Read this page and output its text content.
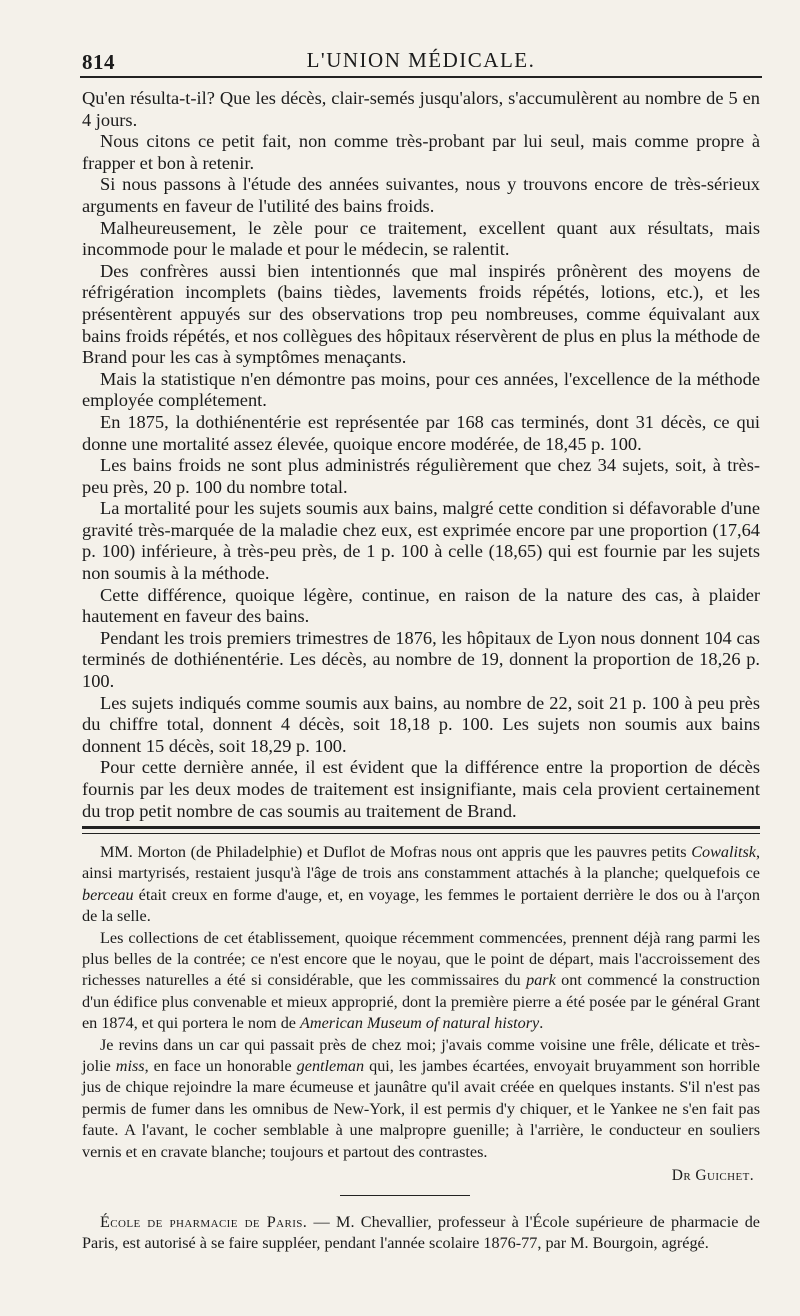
814	L'UNION MÉDICALE.

Qu'en résulta-t-il? Que les décès, clair-semés jusqu'alors, s'accumulèrent au nombre de 5 en 4 jours.

Nous citons ce petit fait, non comme très-probant par lui seul, mais comme propre à frapper et bon à retenir.

Si nous passons à l'étude des années suivantes, nous y trouvons encore de très-sérieux arguments en faveur de l'utilité des bains froids.

Malheureusement, le zèle pour ce traitement, excellent quant aux résultats, mais incommode pour le malade et pour le médecin, se ralentit.

Des confrères aussi bien intentionnés que mal inspirés prônèrent des moyens de réfrigération incomplets (bains tièdes, lavements froids répétés, lotions, etc.), et les présentèrent appuyés sur des observations trop peu nombreuses, comme équivalant aux bains froids répétés, et nos collègues des hôpitaux réservèrent de plus en plus la méthode de Brand pour les cas à symptômes menaçants.

Mais la statistique n'en démontre pas moins, pour ces années, l'excellence de la méthode employée complétement.

En 1875, la dothiénentérie est représentée par 168 cas terminés, dont 31 décès, ce qui donne une mortalité assez élevée, quoique encore modérée, de 18,45 p. 100.

Les bains froids ne sont plus administrés régulièrement que chez 34 sujets, soit, à très-peu près, 20 p. 100 du nombre total.

La mortalité pour les sujets soumis aux bains, malgré cette condition si défavorable d'une gravité très-marquée de la maladie chez eux, est exprimée encore par une proportion (17,64 p. 100) inférieure, à très-peu près, de 1 p. 100 à celle (18,65) qui est fournie par les sujets non soumis à la méthode.

Cette différence, quoique légère, continue, en raison de la nature des cas, à plaider hautement en faveur des bains.

Pendant les trois premiers trimestres de 1876, les hôpitaux de Lyon nous donnent 104 cas terminés de dothiénentérie. Les décès, au nombre de 19, donnent la proportion de 18,26 p. 100.

Les sujets indiqués comme soumis aux bains, au nombre de 22, soit 21 p. 100 à peu près du chiffre total, donnent 4 décès, soit 18,18 p. 100. Les sujets non soumis aux bains donnent 15 décès, soit 18,29 p. 100.

Pour cette dernière année, il est évident que la différence entre la proportion de décès fournis par les deux modes de traitement est insignifiante, mais cela provient certainement du trop petit nombre de cas soumis au traitement de Brand.

MM. Morton (de Philadelphie) et Duflot de Mofras nous ont appris que les pauvres petits Cowalitsk, ainsi martyrisés, restaient jusqu'à l'âge de trois ans constamment attachés à la planche; quelquefois ce berceau était creux en forme d'auge, et, en voyage, les femmes le portaient derrière le dos ou à l'arçon de la selle.

Les collections de cet établissement, quoique récemment commencées, prennent déjà rang parmi les plus belles de la contrée; ce n'est encore que le noyau, que le point de départ, mais l'accroissement des richesses naturelles a été si considérable, que les commissaires du park ont commencé la construction d'un édifice plus convenable et mieux approprié, dont la première pierre a été posée par le général Grant en 1874, et qui portera le nom de American Museum of natural history.

Je revins dans un car qui passait près de chez moi; j'avais comme voisine une frêle, délicate et très-jolie miss, en face un honorable gentleman qui, les jambes écartées, envoyait bruyamment son horrible jus de chique rejoindre la mare écumeuse et jaunâtre qu'il avait créée en quelques instants. S'il n'est pas permis de fumer dans les omnibus de New-York, il est permis d'y chiquer, et le Yankee ne s'en fait pas faute. A l'avant, le cocher semblable à une malpropre guenille; à l'arrière, le conducteur en souliers vernis et en cravate blanche; toujours et partout des contrastes.

Dr Guichet.

École de pharmacie de Paris. — M. Chevallier, professeur à l'École supérieure de pharmacie de Paris, est autorisé à se faire suppléer, pendant l'année scolaire 1876-77, par M. Bourgoin, agrégé.
